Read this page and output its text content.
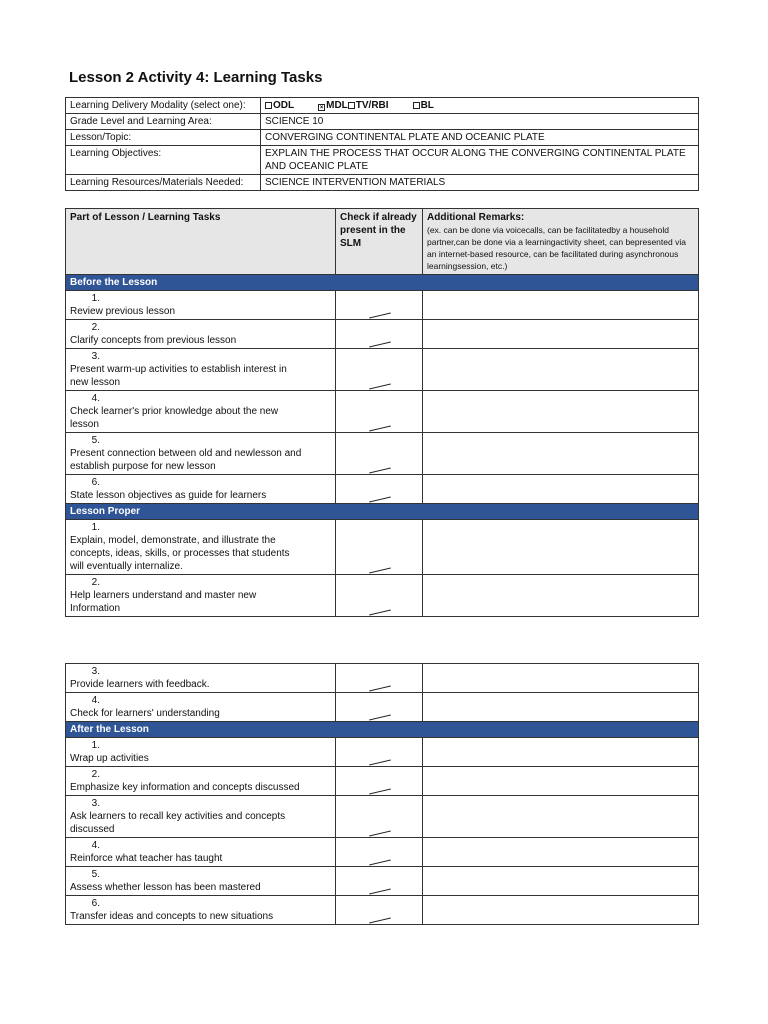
Lesson 2 Activity 4: Learning Tasks
Learning Delivery Modality (select one):	ODL × MDL TV/RBI BL
Grade Level and Learning Area:	SCIENCE 10
Lesson/Topic:	CONVERGING CONTINENTAL PLATE AND OCEANIC PLATE
Learning Objectives:	EXPLAIN THE PROCESS THAT OCCUR ALONG THE CONVERGING CONTINENTAL PLATE AND OCEANIC PLATE
Learning Resources/Materials Needed:	SCIENCE INTERVENTION MATERIALS
Part of Lesson / Learning Tasks	Check if already present in the SLM	Additional Remarks:
(ex. can be done via voicecalls, can be facilitatedby a household partner,can be done via a learningactivity sheet, can bepresented via an internet-based resource, can be facilitated during asynchronous learningsession, etc.)

Before the Lesson		
1.Review previous lesson	

2.Clarify concepts from previous lesson	

3.Present warm-up activities to establish interest in new lesson	

4.Check learner's prior knowledge about the new lesson	

5.Present connection between old and newlesson and establish purpose for new lesson	

6.State lesson objectives as guide for learners	

Lesson Proper		
1.Explain, model, demonstrate, and illustrate the concepts, ideas, skills, or processes that students will eventually internalize.	

2.Help learners understand and master new Information	

3.Provide learners with feedback.	

4.Check for learners' understanding	

After the Lesson		
1.Wrap up activities	

2.Emphasize key information and concepts discussed	

3.Ask learners to recall key activities and concepts discussed	

4.Reinforce what teacher has taught	

5.Assess whether lesson has been mastered	

6.Transfer ideas and concepts to new situations	
